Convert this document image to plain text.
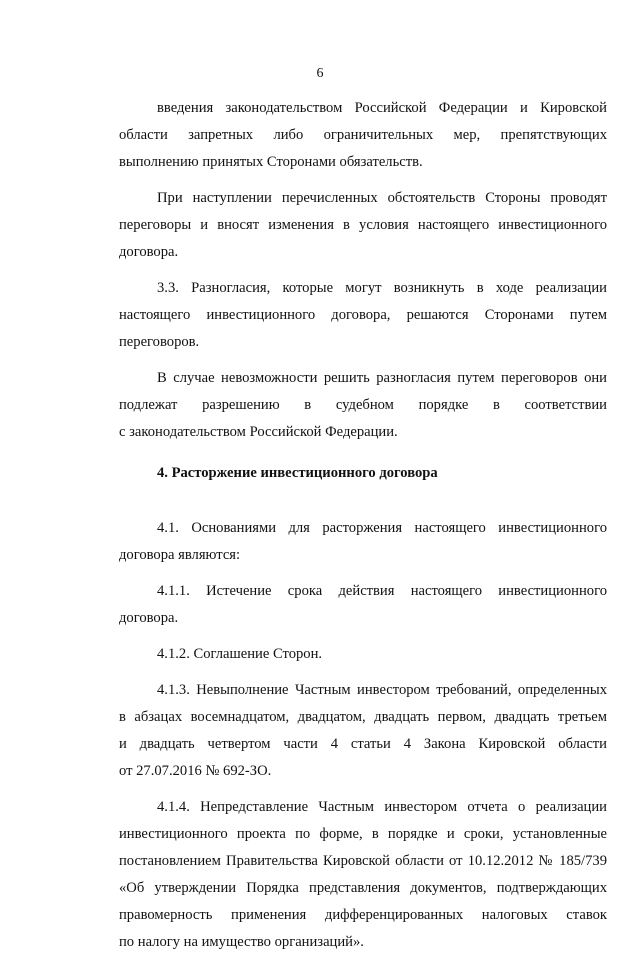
6
введения законодательством Российской Федерации и Кировской
области запретных либо ограничительных мер, препятствующих
выполнению принятых Сторонами обязательств.
При наступлении перечисленных обстоятельств Стороны проводят
переговоры и вносят изменения в условия настоящего инвестиционного
договора.
3.3. Разногласия, которые могут возникнуть в ходе реализации
настоящего инвестиционного договора, решаются Сторонами путем
переговоров.
В случае невозможности решить разногласия путем переговоров они
подлежат разрешению в судебном порядке в соответствии
с законодательством Российской Федерации.
4. Расторжение инвестиционного договора
4.1. Основаниями для расторжения настоящего инвестиционного
договора являются:
4.1.1. Истечение срока действия настоящего инвестиционного
договора.
4.1.2. Соглашение Сторон.
4.1.3. Невыполнение Частным инвестором требований, определенных
в абзацах восемнадцатом, двадцатом, двадцать первом, двадцать третьем
и двадцать четвертом части 4 статьи 4 Закона Кировской области
от 27.07.2016 № 692-ЗО.
4.1.4. Непредставление Частным инвестором отчета о реализации
инвестиционного проекта по форме, в порядке и сроки, установленные
постановлением Правительства Кировской области от 10.12.2012 № 185/739
«Об утверждении Порядка представления документов, подтверждающих
правомерность применения дифференцированных налоговых ставок
по налогу на имущество организаций».
